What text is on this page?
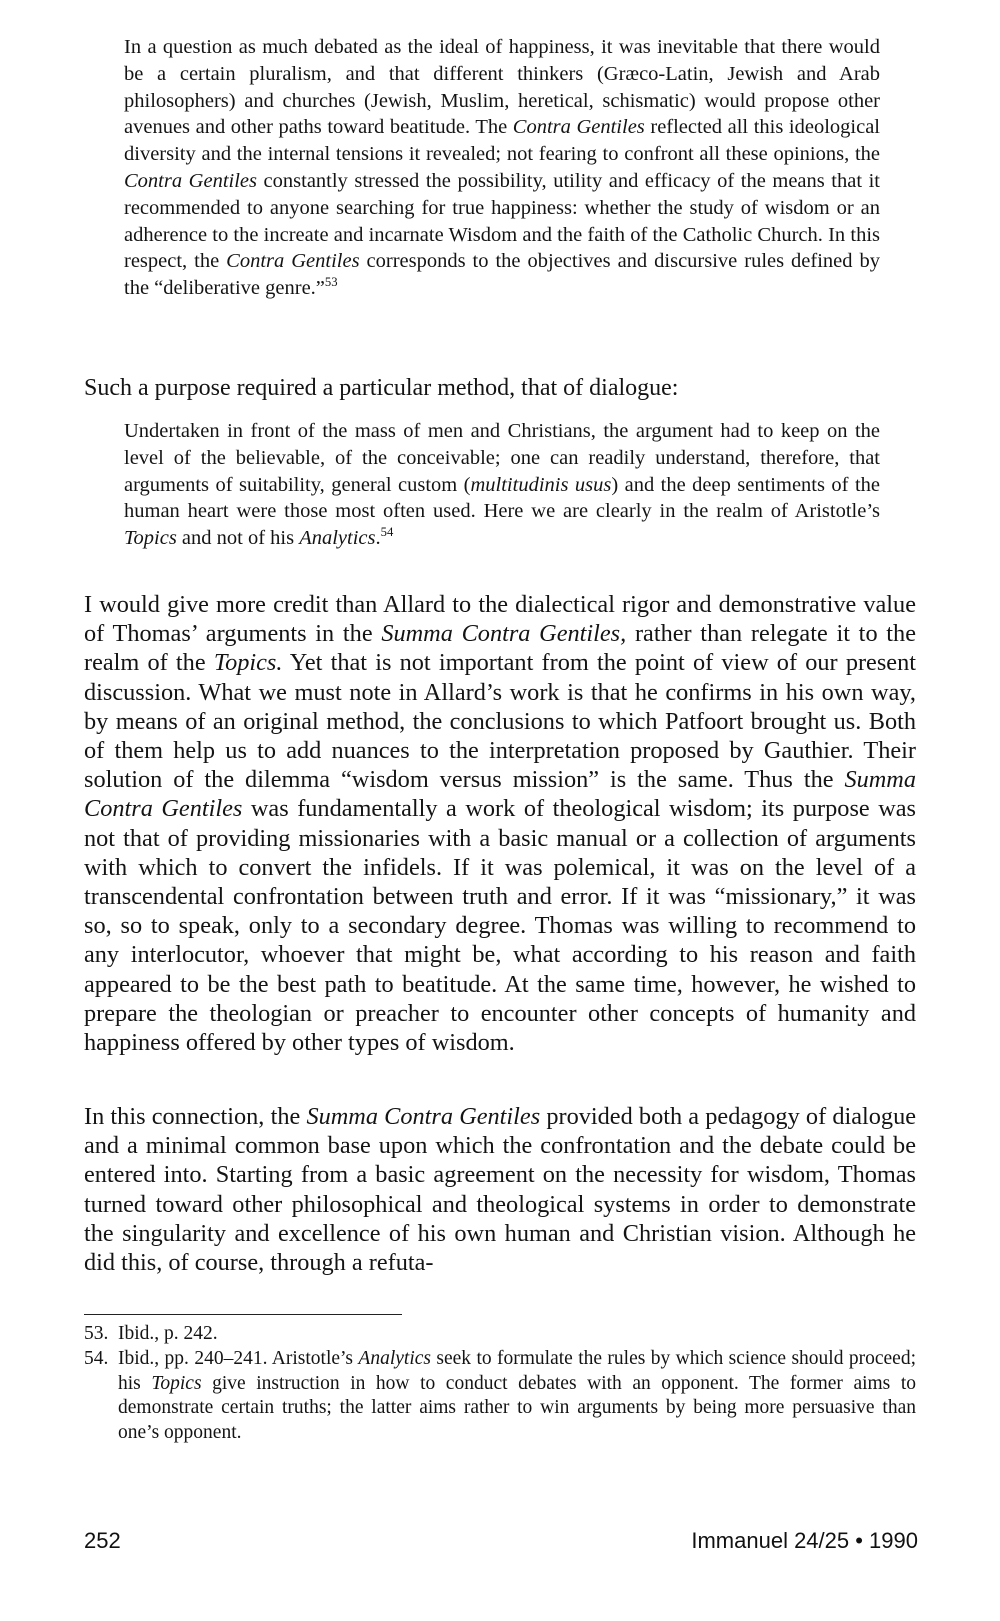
In a question as much debated as the ideal of happiness, it was inevitable that there would be a certain pluralism, and that different thinkers (Græco-Latin, Jewish and Arab philosophers) and churches (Jewish, Muslim, heretical, schismatic) would propose other avenues and other paths toward beatitude. The Contra Gentiles reflected all this ideological diversity and the internal tensions it revealed; not fearing to confront all these opinions, the Contra Gentiles constantly stressed the possibility, utility and efficacy of the means that it recommended to anyone searching for true happiness: whether the study of wisdom or an adherence to the increate and incarnate Wisdom and the faith of the Catholic Church. In this respect, the Contra Gentiles corresponds to the objectives and discursive rules defined by the “deliberative genre.”$^{53}$

Such a purpose required a particular method, that of dialogue:

Undertaken in front of the mass of men and Christians, the argument had to keep on the level of the believable, of the conceivable; one can readily understand, therefore, that arguments of suitability, general custom (multitudinis usus) and the deep sentiments of the human heart were those most often used. Here we are clearly in the realm of Aristotle’s Topics and not of his Analytics.$^{54}$

I would give more credit than Allard to the dialectical rigor and demonstrative value of Thomas’ arguments in the Summa Contra Gentiles, rather than relegate it to the realm of the Topics. Yet that is not important from the point of view of our present discussion. What we must note in Allard’s work is that he confirms in his own way, by means of an original method, the conclusions to which Patfoort brought us. Both of them help us to add nuances to the interpretation proposed by Gauthier. Their solution of the dilemma “wisdom versus mission” is the same. Thus the Summa Contra Gentiles was fundamentally a work of theological wisdom; its purpose was not that of providing missionaries with a basic manual or a collection of arguments with which to convert the infidels. If it was polemical, it was on the level of a transcendental confrontation between truth and error. If it was “missionary,” it was so, so to speak, only to a secondary degree. Thomas was willing to recommend to any interlocutor, whoever that might be, what according to his reason and faith appeared to be the best path to beatitude. At the same time, however, he wished to prepare the theologian or preacher to encounter other concepts of humanity and happiness offered by other types of wisdom.

In this connection, the Summa Contra Gentiles provided both a pedagogy of dialogue and a minimal common base upon which the confrontation and the debate could be entered into. Starting from a basic agreement on the necessity for wisdom, Thomas turned toward other philosophical and theological systems in order to demonstrate the singularity and excellence of his own human and Christian vision. Although he did this, of course, through a refuta-

53. Ibid., p. 242.
54. Ibid., pp. 240–241. Aristotle’s Analytics seek to formulate the rules by which science should proceed; his Topics give instruction in how to conduct debates with an opponent. The former aims to demonstrate certain truths; the latter aims rather to win arguments by being more persuasive than one’s opponent.
252	Immanuel 24/25 • 1990
